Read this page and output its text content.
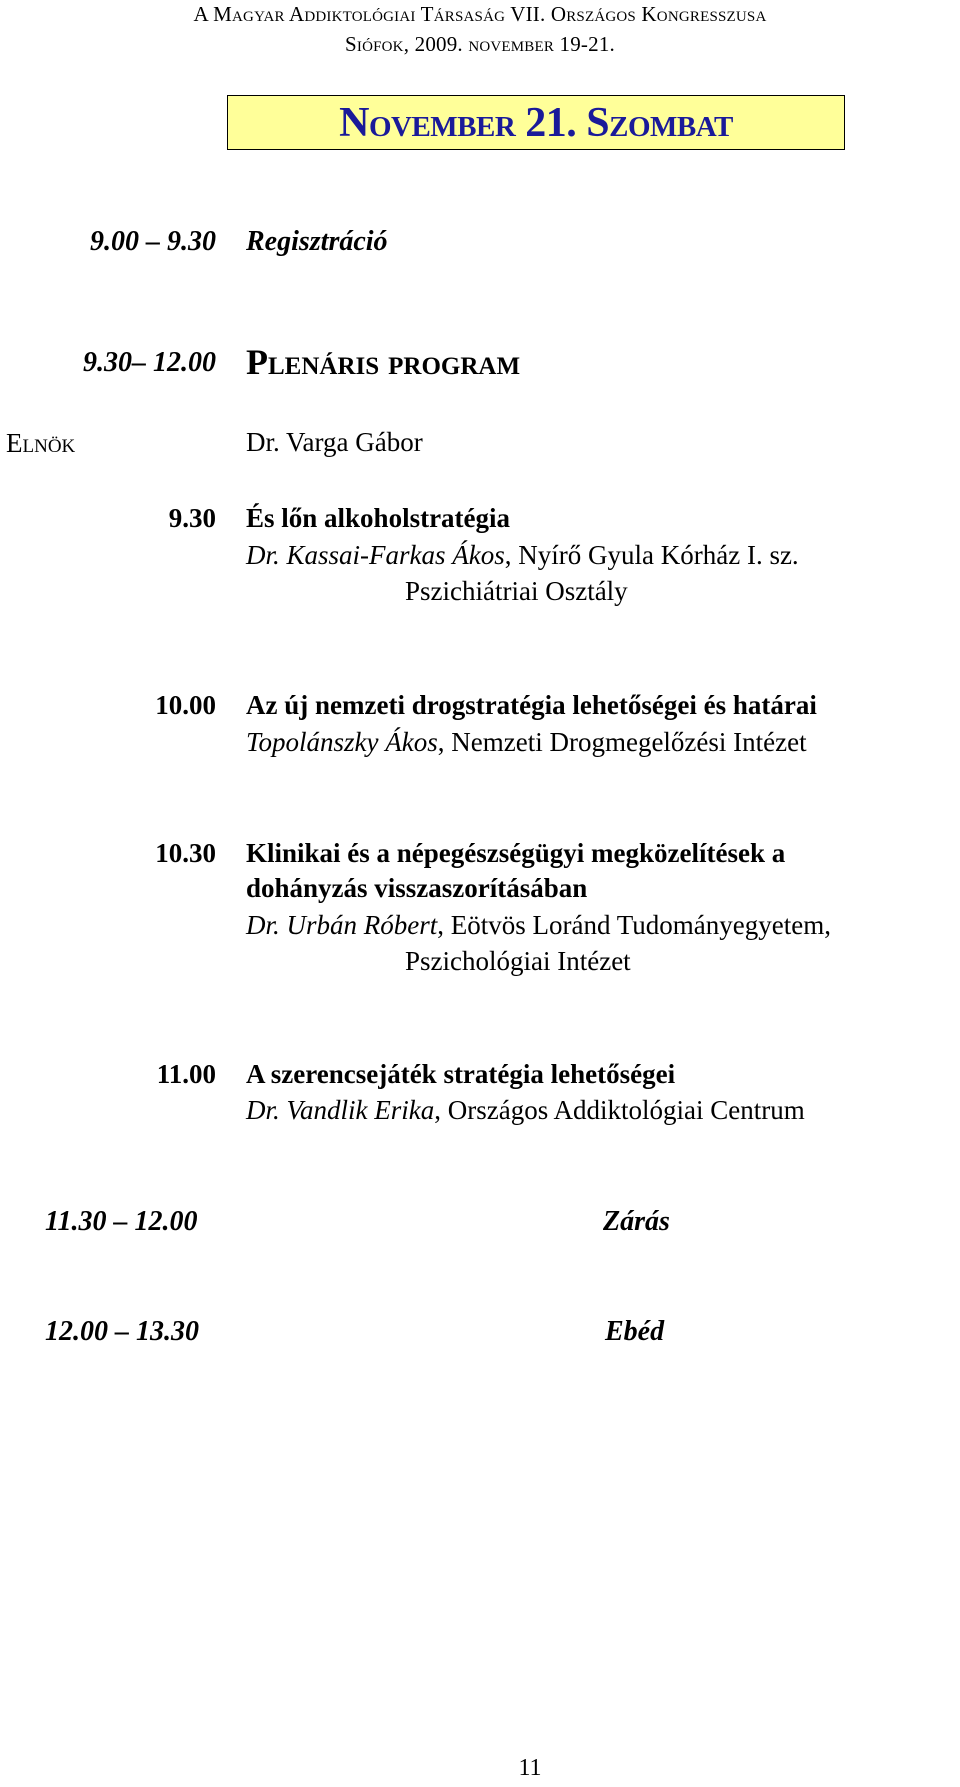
A Magyar Addiktológiai Társaság VII. Országos Kongresszusa
Siófok, 2009. november 19-21.
November 21. Szombat
9.00 – 9.30 Regisztráció
9.30– 12.00 Plenáris program
Elnök	Dr. Varga Gábor
9.30 És lőn alkoholstratégia
Dr. Kassai-Farkas Ákos, Nyírő Gyula Kórház I. sz.
Pszichiátriai Osztály
10.00 Az új nemzeti drogstratégia lehetőségei és határai
Topolánszky Ákos, Nemzeti Drogmegelőzési Intézet
10.30 Klinikai és a népegészségügyi megközelítések a
dohányzás visszaszorításában
Dr. Urbán Róbert, Eötvös Loránd Tudományegyetem,
Pszichológiai Intézet
11.00 A szerencsejáték stratégia lehetőségei
Dr. Vandlik Erika, Országos Addiktológiai Centrum
11.30 – 12.00	Zárás
12.00 – 13.30	Ebéd
11
